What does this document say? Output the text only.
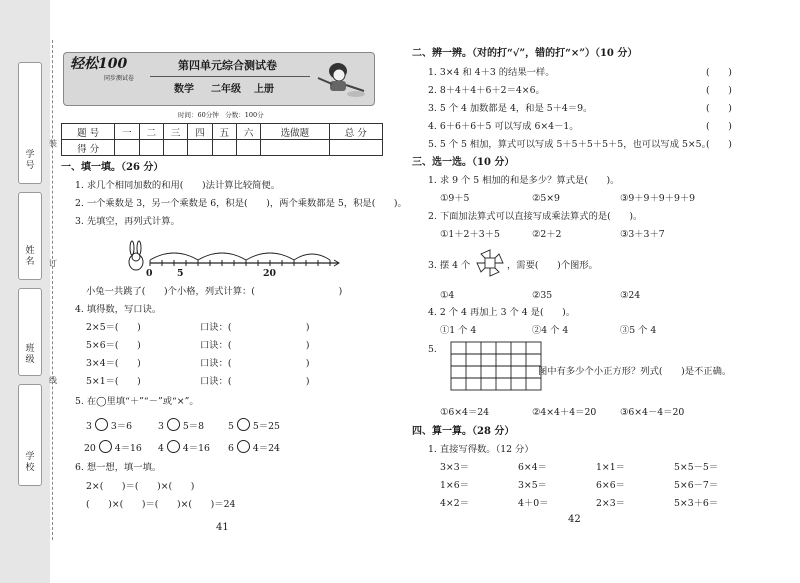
学号
姓名
班级
学校
装
订
线
轻松100
同步测试卷
第四单元综合测试卷
数学 二年级 上册
时间：60分钟　分数：100分
题 号	一	二	三	四	五	六	选做题	总 分
得 分								
一、填一填。（26 分）
1. 求几个相同加数的和用(　　)法计算比较简便。
2. 一个乘数是 3，另一个乘数是 6，积是(　　)，两个乘数都是 5，积是(　　)。
3. 先填空，再列式计算。
0	5	20
小兔一共跳了(　　)个小格，列式计算：(　　　　　　　　　)
4. 填得数，写口诀。
2×5＝(　　)	口诀：(　　　　　　　　)
5×6＝(　　)	口诀：(　　　　　　　　)
3×4＝(　　)	口诀：(　　　　　　　　)
5×1＝(　　)	口诀：(　　　　　　　　)
5. 在◯里填“＋”“－”或“×”。
3 3＝6	3 5＝8	5 5＝25
20 4＝16 4 4＝16 6 4＝24
6. 想一想，填一填。
2×(　　)＝(　　)×(　　)
(　　)×(　　)＝(　　)×(　　)＝24
41
二、辨一辨。（对的打“√”，错的打“×”）（10 分）
1. 3×4 和 4＋3 的结果一样。	(　　)
2. 8＋4＋4＋6＋2＝4×6。	(　　)
3. 5 个 4 加数都是 4，和是 5＋4＝9。	(　　)
4. 6＋6＋6＋5 可以写成 6×4－1。	(　　)
5. 5 个 5 相加，算式可以写成 5＋5＋5＋5＋5，也可以写成 5×5。
(　　)
三、选一选。（10 分）
1. 求 9 个 5 相加的和是多少？算式是(　　)。
①9＋5	②5×9	③9＋9＋9＋9＋9
2. 下面加法算式可以直接写成乘法算式的是(　　)。
①1＋2＋3＋5	②2＋2	③3＋3＋7
3. 摆 4 个	，需要(　　)个图形。
①4	②35	③24
4. 2 个 4 再加上 3 个 4 是(　　)。
①1 个 4	②4 个 4	③5 个 4
5.
图中有多少个小正方形？列式(　　)是不正确。
①6×4＝24	②4×4＋4＝20	③6×4－4＝20
四、算一算。（28 分）
1. 直接写得数。（12 分）
3×3＝	6×4＝	1×1＝	5×5－5＝
1×6＝	3×5＝	6×6＝	5×6－7＝
4×2＝	4＋0＝	2×3＝	5×3＋6＝
42
